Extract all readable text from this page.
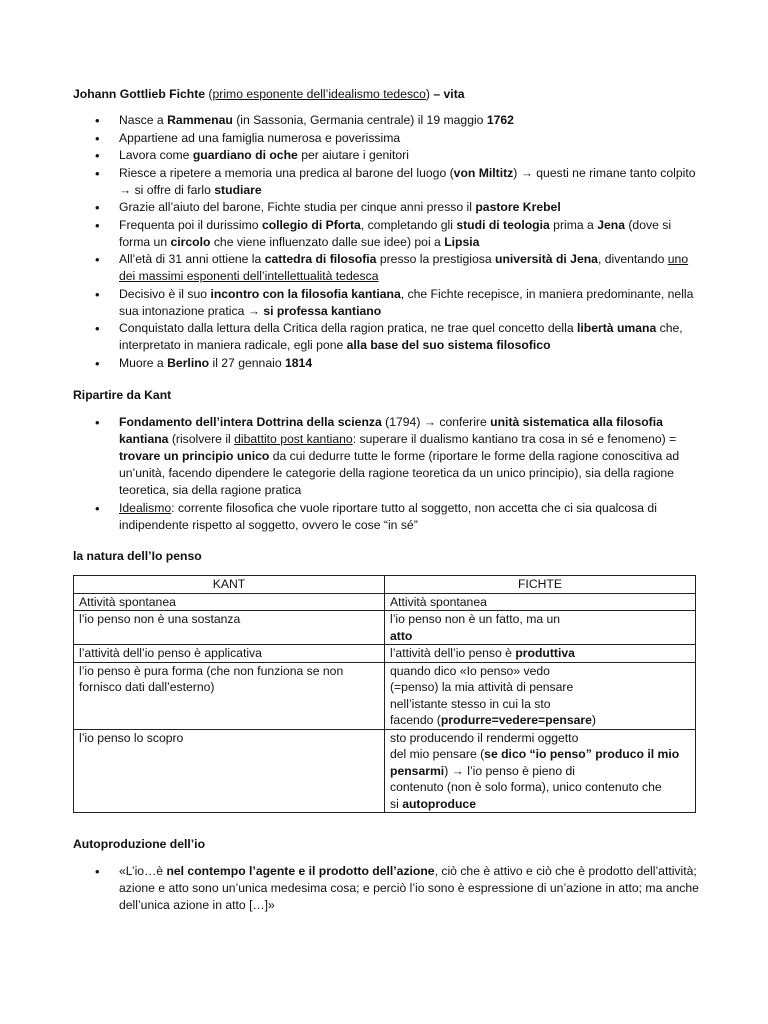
Johann Gottlieb Fichte (primo esponente dell’idealismo tedesco) – vita
• Nasce a Rammenau (in Sassonia, Germania centrale) il 19 maggio 1762
• Appartiene ad una famiglia numerosa e poverissima
• Lavora come guardiano di oche per aiutare i genitori
• Riesce a ripetere a memoria una predica al barone del luogo (von Miltitz) → questi ne rimane tanto colpito → si offre di farlo studiare
• Grazie all’aiuto del barone, Fichte studia per cinque anni presso il pastore Krebel
• Frequenta poi il durissimo collegio di Pforta, completando gli studi di teologia prima a Jena (dove si forma un circolo che viene influenzato dalle sue idee) poi a Lipsia
• All’età di 31 anni ottiene la cattedra di filosofia presso la prestigiosa università di Jena, diventando uno dei massimi esponenti dell’intellettualità tedesca
• Decisivo è il suo incontro con la filosofia kantiana, che Fichte recepisce, in maniera predominante, nella sua intonazione pratica → si professa kantiano
• Conquistato dalla lettura della Critica della ragion pratica, ne trae quel concetto della libertà umana che, interpretato in maniera radicale, egli pone alla base del suo sistema filosofico
• Muore a Berlino il 27 gennaio 1814
Ripartire da Kant
• Fondamento dell’intera Dottrina della scienza (1794) → conferire unità sistematica alla filosofia kantiana (risolvere il dibattito post kantiano: superare il dualismo kantiano tra cosa in sé e fenomeno) = trovare un principio unico da cui dedurre tutte le forme (riportare le forme della ragione conoscitiva ad un’unità, facendo dipendere le categorie della ragione teoretica da un unico principio), sia della ragione teoretica, sia della ragione pratica
• Idealismo: corrente filosofica che vuole riportare tutto al soggetto, non accetta che ci sia qualcosa di indipendente rispetto al soggetto, ovvero le cose “in sé”
la natura dell’Io penso
KANT	FICHTE
Attività spontanea	Attività spontanea
l’io penso non è una sostanza	l’io penso non è un fatto, ma un
atto
l’attività dell’io penso è applicativa	l’attività dell’io penso è produttiva
l’io penso è pura forma (che non funziona se non fornisco dati dall’esterno)	quando dico «Io penso» vedo
(=penso) la mia attività di pensare
nell’istante stesso in cui la sto
facendo (produrre=vedere=pensare)
l’io penso lo scopro	sto producendo il rendermi oggetto
del mio pensare (se dico “io penso” produco il mio pensarmi) → l’io penso è pieno di
contenuto (non è solo forma), unico contenuto che
si autoproduce
Autoproduzione dell’io
• «L’io…è nel contempo l’agente e il prodotto dell’azione, ciò che è attivo e ciò che è prodotto dell’attività; azione e atto sono un’unica medesima cosa; e perciò l’io sono è espressione di un’azione in atto; ma anche dell’unica azione in atto […]»
